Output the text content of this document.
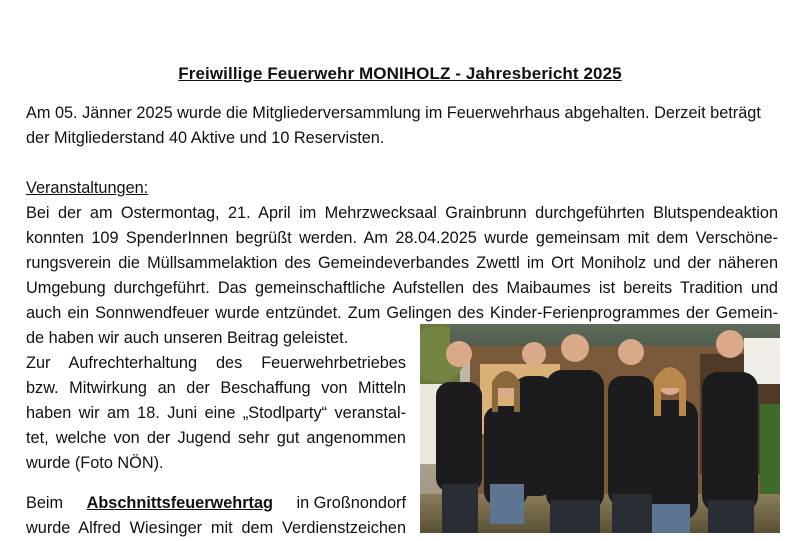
Freiwillige Feuerwehr MONIHOLZ - Jahresbericht 2025
Am 05. Jänner 2025 wurde die Mitgliederversammlung im Feuerwehrhaus abgehalten. Derzeit beträgt
der Mitgliederstand 40 Aktive und 10 Reservisten.
Veranstaltungen:
Bei der am Ostermontag, 21. April im Mehrzwecksaal Grainbrunn durchgeführten Blutspendeaktion
konnten 109 SpenderInnen begrüßt werden. Am 28.04.2025 wurde gemeinsam mit dem Verschöne-
rungsverein die Müllsammelaktion des Gemeindeverbandes Zwettl im Ort Moniholz und der näheren
Umgebung durchgeführt. Das gemeinschaftliche Aufstellen des Maibaumes ist bereits Tradition und
auch ein Sonnwendfeuer wurde entzündet. Zum Gelingen des Kinder-Ferienprogrammes der Gemein-
de haben wir auch unseren Beitrag geleistet.
Zur Aufrechterhaltung des Feuerwehrbetriebes
bzw. Mitwirkung an der Beschaffung von Mitteln
haben wir am 18. Juni eine „Stodlparty“ veranstal-
tet, welche von der Jugend sehr gut angenommen
wurde (Foto NÖN).
Beim Abschnittsfeuerwehrtag in Großnondorf
wurde Alfred Wiesinger mit dem Verdienstzeichen
